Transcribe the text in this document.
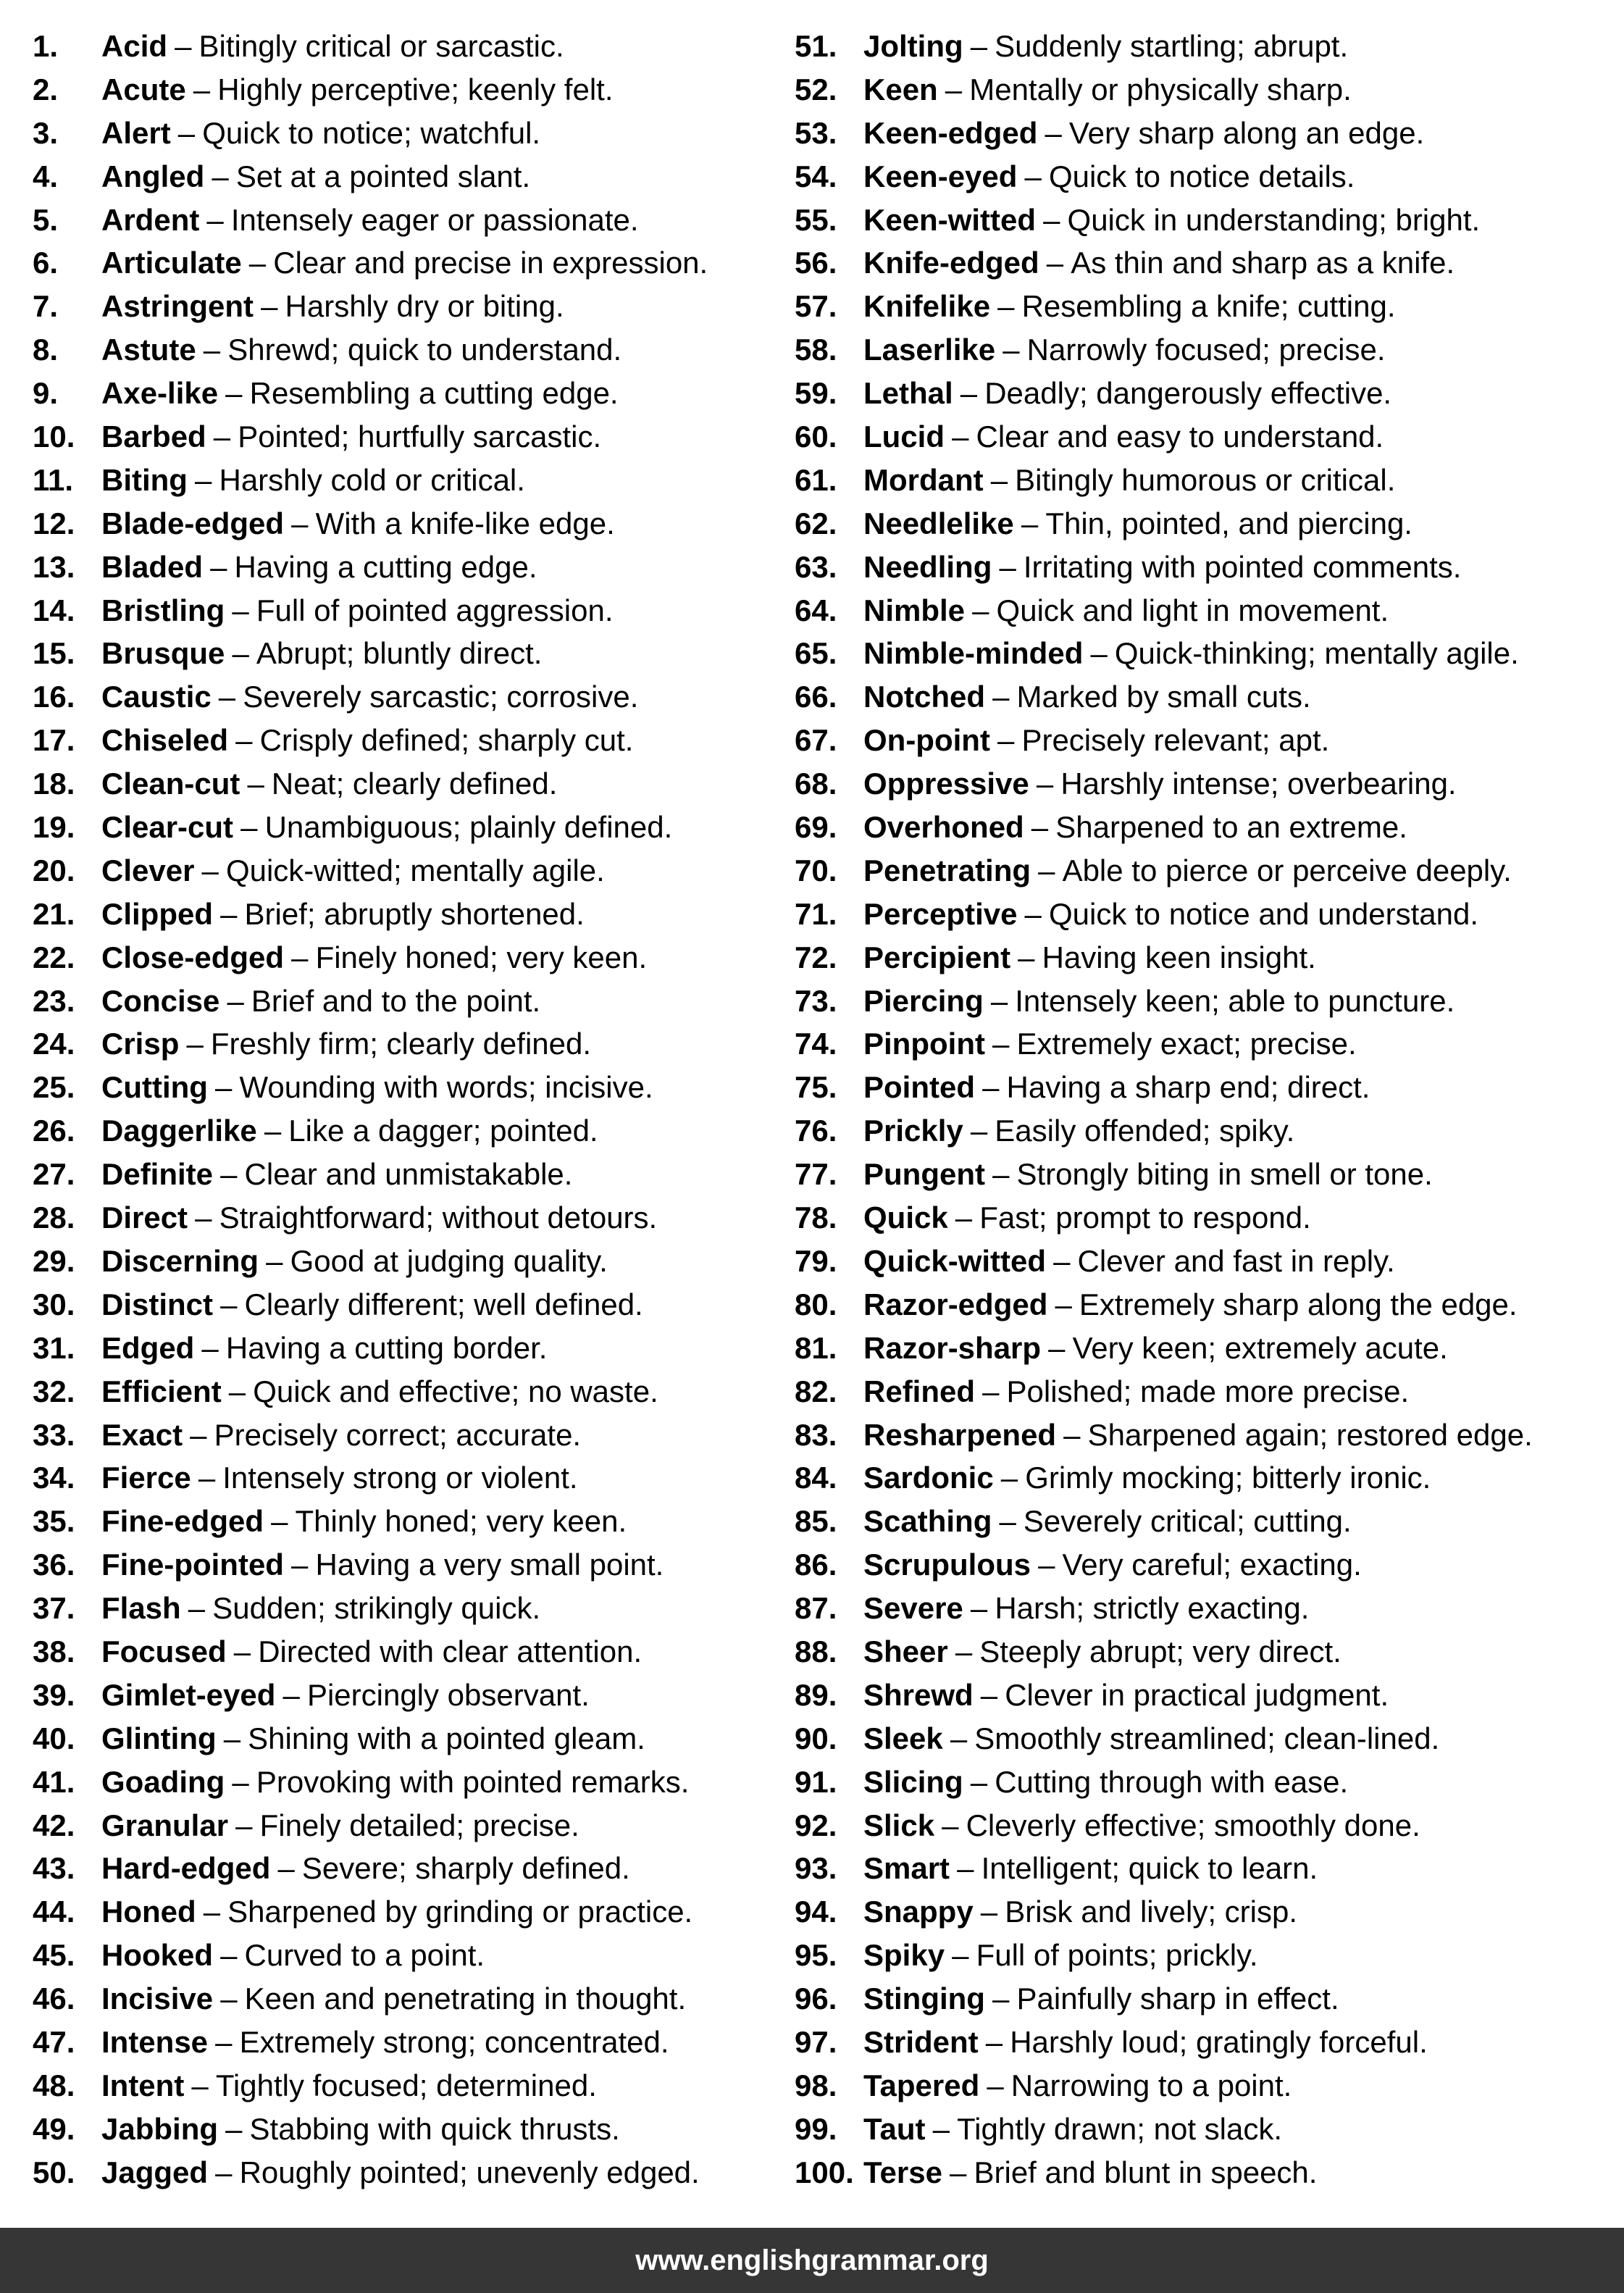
1.	Acid – Bitingly critical or sarcastic.
2.	Acute – Highly perceptive; keenly felt.
3.	Alert – Quick to notice; watchful.
4.	Angled – Set at a pointed slant.
5.	Ardent – Intensely eager or passionate.
6.	Articulate – Clear and precise in expression.
7.	Astringent – Harshly dry or biting.
8.	Astute – Shrewd; quick to understand.
9.	Axe-like – Resembling a cutting edge.
10. Barbed – Pointed; hurtfully sarcastic.
11. Biting – Harshly cold or critical.
12. Blade-edged – With a knife-like edge.
13. Bladed – Having a cutting edge.
14. Bristling – Full of pointed aggression.
15. Brusque – Abrupt; bluntly direct.
16. Caustic – Severely sarcastic; corrosive.
17. Chiseled – Crisply defined; sharply cut.
18. Clean-cut – Neat; clearly defined.
19. Clear-cut – Unambiguous; plainly defined.
20. Clever – Quick-witted; mentally agile.
21. Clipped – Brief; abruptly shortened.
22. Close-edged – Finely honed; very keen.
23. Concise – Brief and to the point.
24. Crisp – Freshly firm; clearly defined.
25. Cutting – Wounding with words; incisive.
26. Daggerlike – Like a dagger; pointed.
27. Definite – Clear and unmistakable.
28. Direct – Straightforward; without detours.
29. Discerning – Good at judging quality.
30. Distinct – Clearly different; well defined.
31. Edged – Having a cutting border.
32. Efficient – Quick and effective; no waste.
33. Exact – Precisely correct; accurate.
34. Fierce – Intensely strong or violent.
35. Fine-edged – Thinly honed; very keen.
36. Fine-pointed – Having a very small point.
37. Flash – Sudden; strikingly quick.
38. Focused – Directed with clear attention.
39. Gimlet-eyed – Piercingly observant.
40. Glinting – Shining with a pointed gleam.
41. Goading – Provoking with pointed remarks.
42. Granular – Finely detailed; precise.
43. Hard-edged – Severe; sharply defined.
44. Honed – Sharpened by grinding or practice.
45. Hooked – Curved to a point.
46. Incisive – Keen and penetrating in thought.
47. Intense – Extremely strong; concentrated.
48. Intent – Tightly focused; determined.
49. Jabbing – Stabbing with quick thrusts.
50. Jagged – Roughly pointed; unevenly edged.
51. Jolting – Suddenly startling; abrupt.
52. Keen – Mentally or physically sharp.
53. Keen-edged – Very sharp along an edge.
54. Keen-eyed – Quick to notice details.
55. Keen-witted – Quick in understanding; bright.
56. Knife-edged – As thin and sharp as a knife.
57. Knifelike – Resembling a knife; cutting.
58. Laserlike – Narrowly focused; precise.
59. Lethal – Deadly; dangerously effective.
60. Lucid – Clear and easy to understand.
61. Mordant – Bitingly humorous or critical.
62. Needlelike – Thin, pointed, and piercing.
63. Needling – Irritating with pointed comments.
64. Nimble – Quick and light in movement.
65. Nimble-minded – Quick-thinking; mentally agile.
66. Notched – Marked by small cuts.
67. On-point – Precisely relevant; apt.
68. Oppressive – Harshly intense; overbearing.
69. Overhoned – Sharpened to an extreme.
70. Penetrating – Able to pierce or perceive deeply.
71. Perceptive – Quick to notice and understand.
72. Percipient – Having keen insight.
73. Piercing – Intensely keen; able to puncture.
74. Pinpoint – Extremely exact; precise.
75. Pointed – Having a sharp end; direct.
76. Prickly – Easily offended; spiky.
77. Pungent – Strongly biting in smell or tone.
78. Quick – Fast; prompt to respond.
79. Quick-witted – Clever and fast in reply.
80. Razor-edged – Extremely sharp along the edge.
81. Razor-sharp – Very keen; extremely acute.
82. Refined – Polished; made more precise.
83. Resharpened – Sharpened again; restored edge.
84. Sardonic – Grimly mocking; bitterly ironic.
85. Scathing – Severely critical; cutting.
86. Scrupulous – Very careful; exacting.
87. Severe – Harsh; strictly exacting.
88. Sheer – Steeply abrupt; very direct.
89. Shrewd – Clever in practical judgment.
90. Sleek – Smoothly streamlined; clean-lined.
91. Slicing – Cutting through with ease.
92. Slick – Cleverly effective; smoothly done.
93. Smart – Intelligent; quick to learn.
94. Snappy – Brisk and lively; crisp.
95. Spiky – Full of points; prickly.
96. Stinging – Painfully sharp in effect.
97. Strident – Harshly loud; gratingly forceful.
98. Tapered – Narrowing to a point.
99. Taut – Tightly drawn; not slack.
100. Terse – Brief and blunt in speech.
www.englishgrammar.org
